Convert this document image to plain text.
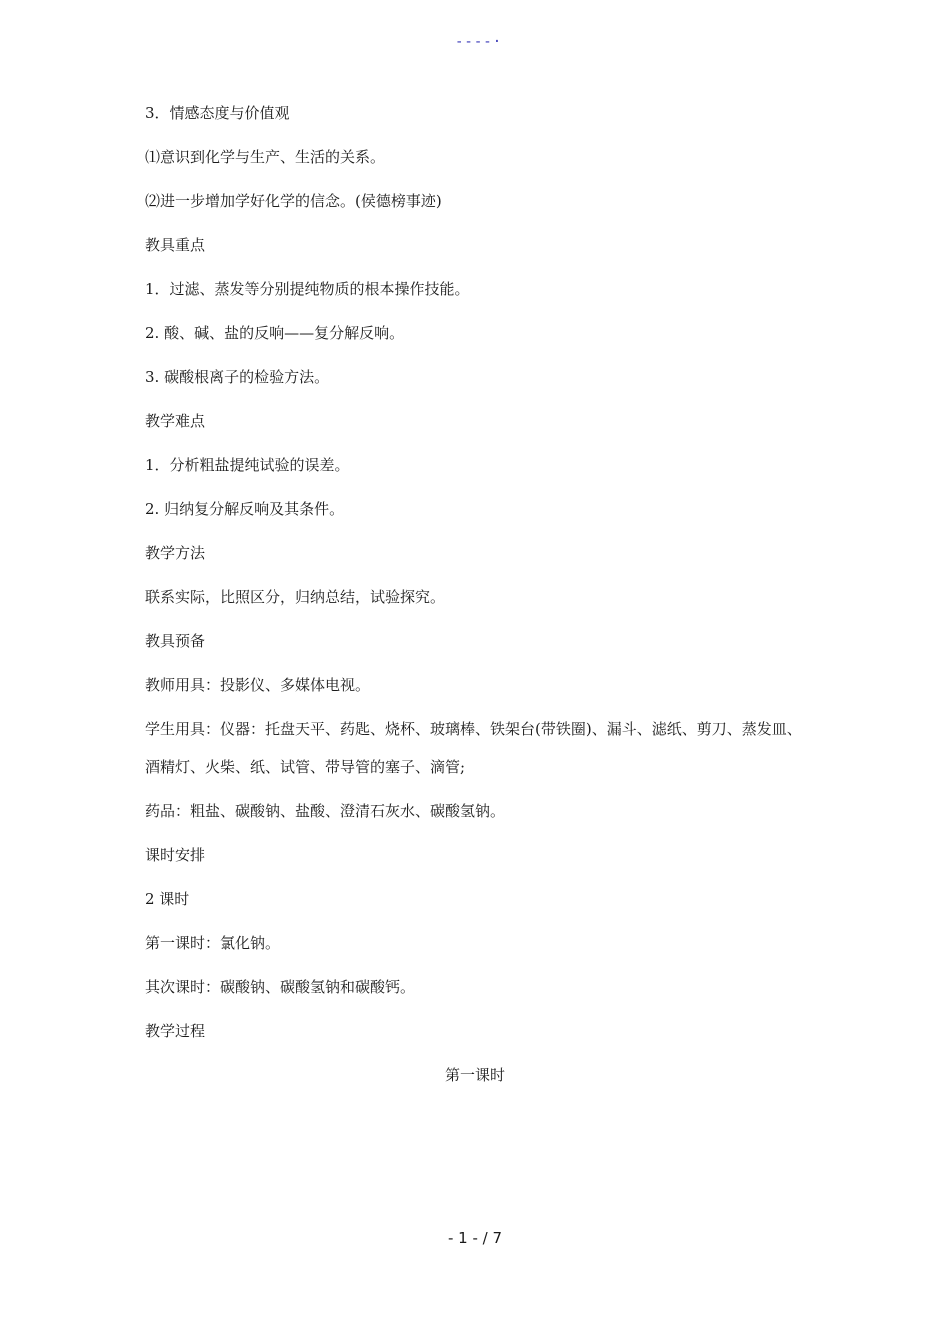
----·

3．情感态度与价值观

⑴意识到化学与生产、生活的关系。

⑵进一步增加学好化学的信念。(侯德榜事迹)

教具重点

1．过滤、蒸发等分别提纯物质的根本操作技能。

2. 酸、碱、盐的反响——复分解反响。

3. 碳酸根离子的检验方法。

教学难点

1．分析粗盐提纯试验的误差。

2. 归纳复分解反响及其条件。

教学方法

联系实际，比照区分，归纳总结，试验探究。

教具预备

教师用具：投影仪、多媒体电视。

学生用具：仪器：托盘天平、药匙、烧杯、玻璃棒、铁架台(带铁圈)、漏斗、滤纸、剪刀、蒸发皿、酒精灯、火柴、纸、试管、带导管的塞子、滴管;

药品：粗盐、碳酸钠、盐酸、澄清石灰水、碳酸氢钠。

课时安排

2 课时

第一课时：氯化钠。

其次课时：碳酸钠、碳酸氢钠和碳酸钙。

教学过程

第一课时

- 1 - / 7
